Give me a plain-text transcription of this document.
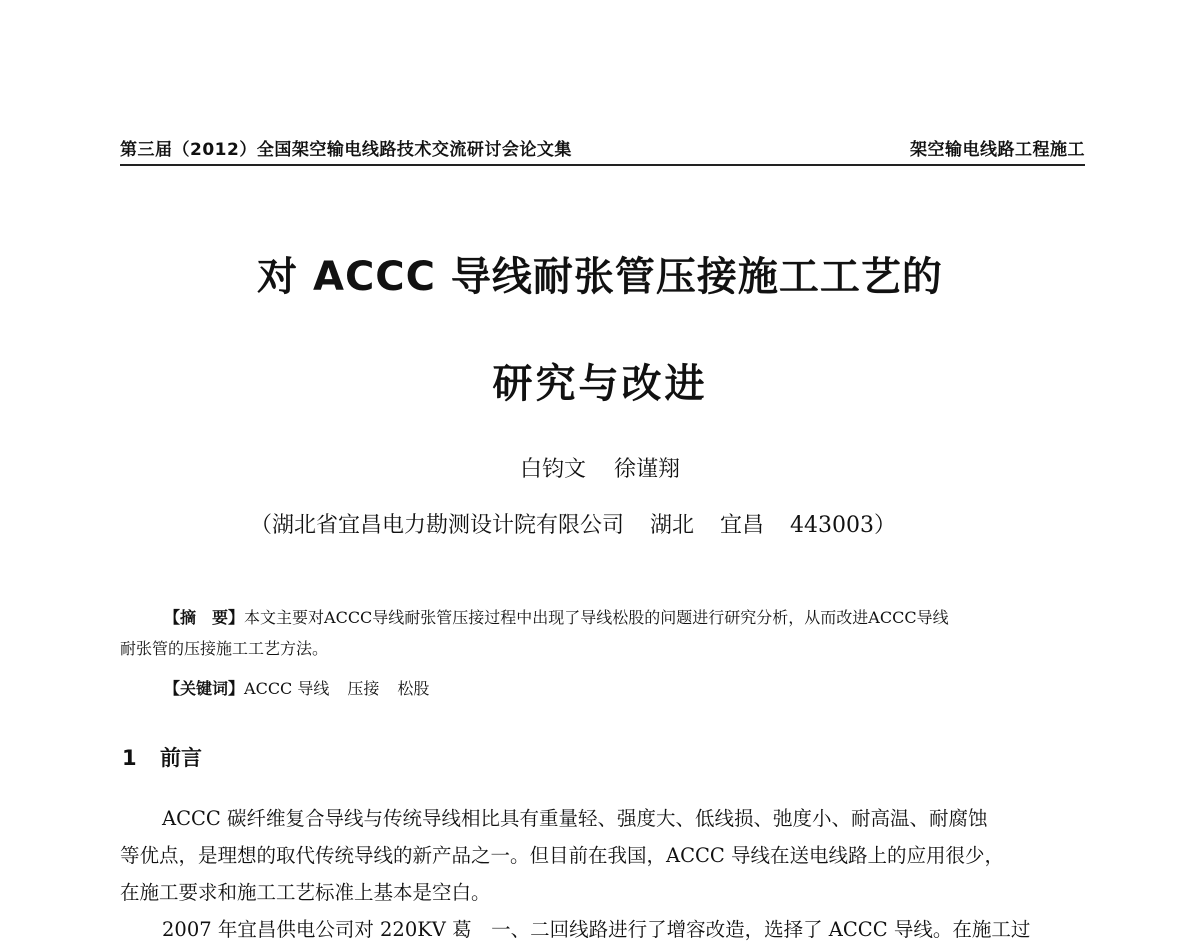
第三届（2012）全国架空输电线路技术交流研讨会论文集	架空输电线路工程施工
对 ACCC 导线耐张管压接施工工艺的
研究与改进
白钧文 徐谨翔
（湖北省宜昌电力勘测设计院有限公司 湖北 宜昌 443003）

【摘　要】本文主要对ACCC导线耐张管压接过程中出现了导线松股的问题进行研究分析，从而改进ACCC导线

耐张管的压接施工工艺方法。

【关键词】ACCC 导线 压接 松股
1 前言

ACCC 碳纤维复合导线与传统导线相比具有重量轻、强度大、低线损、弛度小、耐高温、耐腐蚀

等优点，是理想的取代传统导线的新产品之一。但目前在我国，ACCC 导线在送电线路上的应用很少，

在施工要求和施工工艺标准上基本是空白。

2007 年宜昌供电公司对 220KV 葛　一、二回线路进行了增容改造，选择了 ACCC 导线。在施工过
